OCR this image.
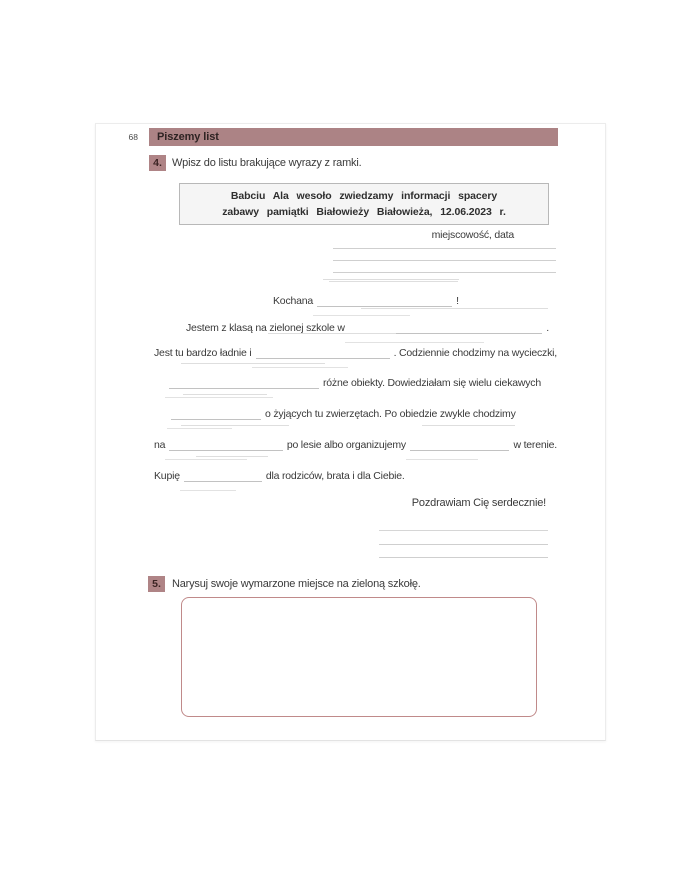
68	Piszemy list
4. Wpisz do listu brakujące wyrazy z ramki.
Babciu Ala wesoło zwiedzamy informacji spacery
zabawy pamiątki Białowieży Białowieża, 12.06.2023 r.
miejscowość, data
Kochana	!
Jestem z klasą na zielonej szkole w	.
Jest tu bardzo ładnie i	. Codziennie chodzimy na wycieczki,
różne obiekty. Dowiedziałam się wielu ciekawych
o żyjących tu zwierzętach. Po obiedzie zwykle chodzimy
na	po lesie albo organizujemy	w terenie.
Kupię	dla rodziców, brata i dla Ciebie.
Pozdrawiam Cię serdecznie!
5.	Narysuj swoje wymarzone miejsce na zieloną szkołę.
